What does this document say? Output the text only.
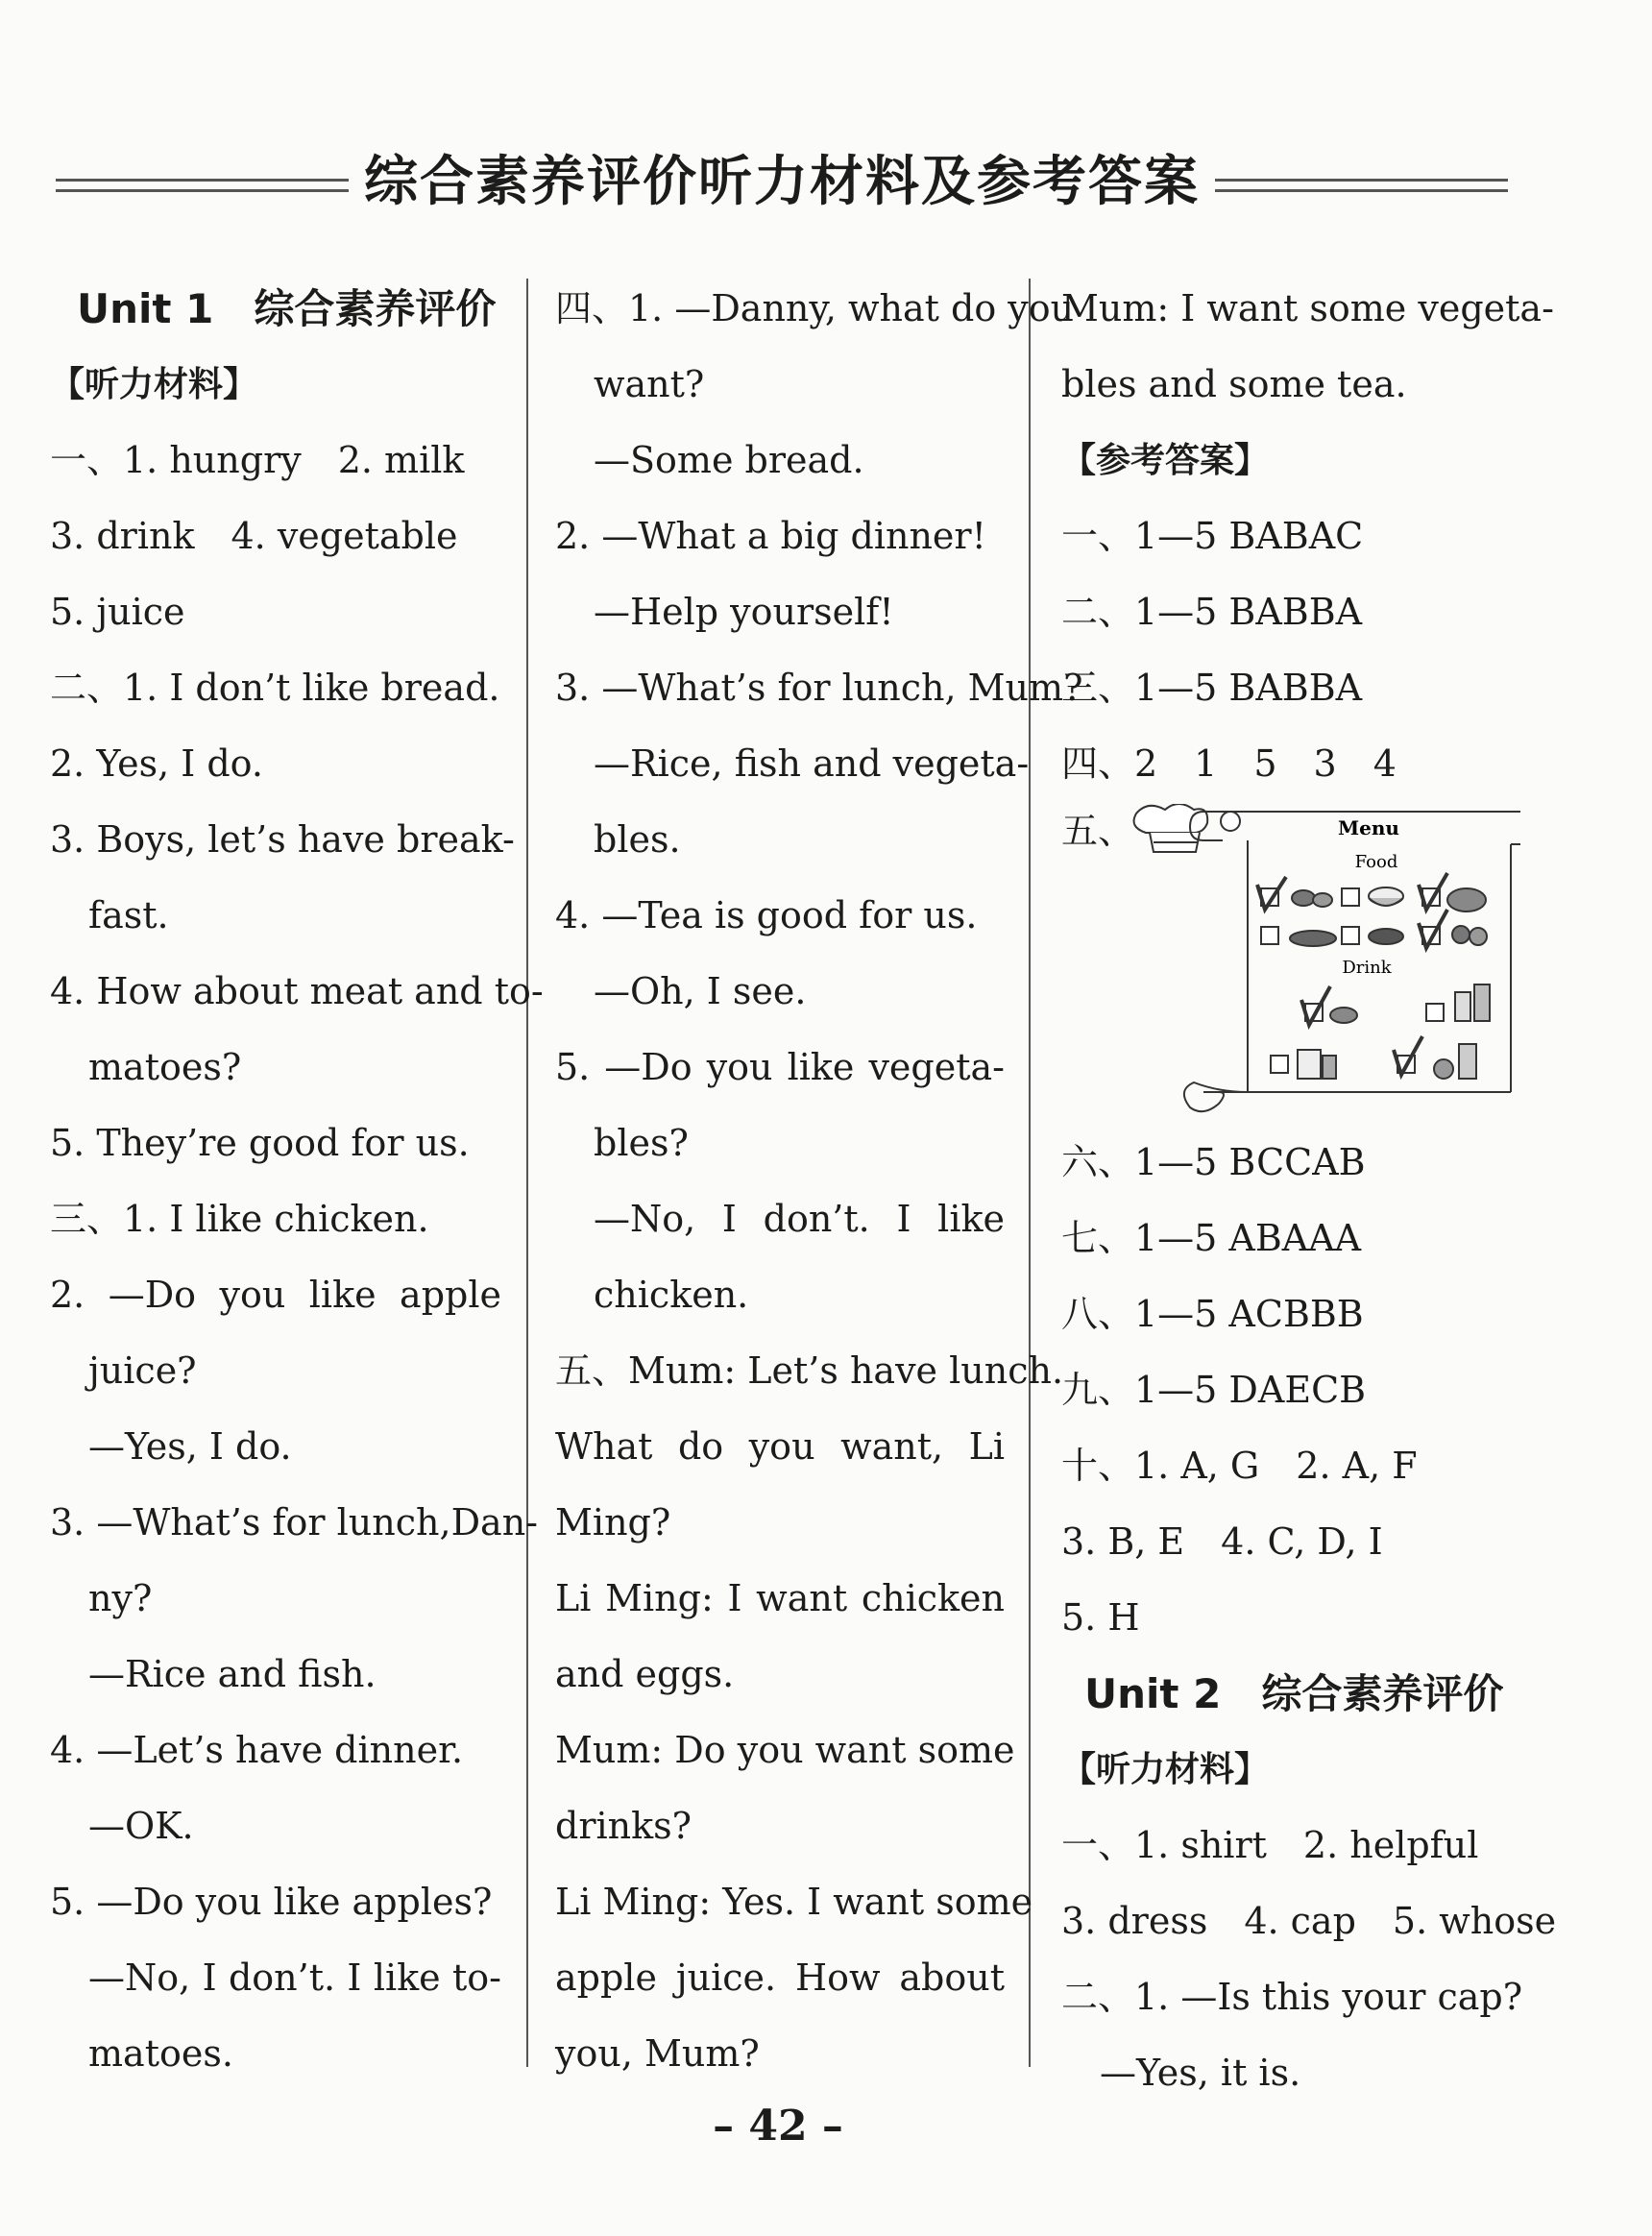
综合素养评价听力材料及参考答案
Unit 1　综合素养评价
【听力材料】
一、1. hungry　2. milk
3. drink　4. vegetable
5. juice
二、1. I don’t like bread.
2. Yes, I do.
3. Boys, let’s have break-
fast.
4. How about meat and to-
matoes?
5. They’re good for us.
三、1. I like chicken.
2. —Do you like apple
juice?
—Yes, I do.
3. —What’s for lunch,Dan-
ny?
—Rice and fish.
4. —Let’s have dinner.
—OK.
5. —Do you like apples?
—No, I don’t. I like to-
matoes.
四、1. —Danny, what do you
want?
—Some bread.
2. —What a big dinner!
—Help yourself!
3. —What’s for lunch, Mum?
—Rice, fish and vegeta-
bles.
4. —Tea is good for us.
—Oh, I see.
5. —Do you like vegeta-
bles?
—No, I don’t. I like
chicken.
五、Mum: Let’s have lunch.
What do you want, Li
Ming?
Li Ming: I want chicken
and eggs.
Mum: Do you want some
drinks?
Li Ming: Yes. I want some
apple juice. How about
you, Mum?
Mum: I want some vegeta-
bles and some tea.
【参考答案】
一、1—5 BABAC
二、1—5 BABBA
三、1—5 BABBA
四、2　1　5　3　4
五、	Menu
Food
Drink
六、1—5 BCCAB
七、1—5 ABAAA
八、1—5 ACBBB
九、1—5 DAECB
十、1. A, G　2. A, F
3. B, E　4. C, D, I
5. H
Unit 2　综合素养评价
【听力材料】
一、1. shirt　2. helpful
3. dress　4. cap　5. whose
二、1. —Is this your cap?
—Yes, it is.
– 42 –
